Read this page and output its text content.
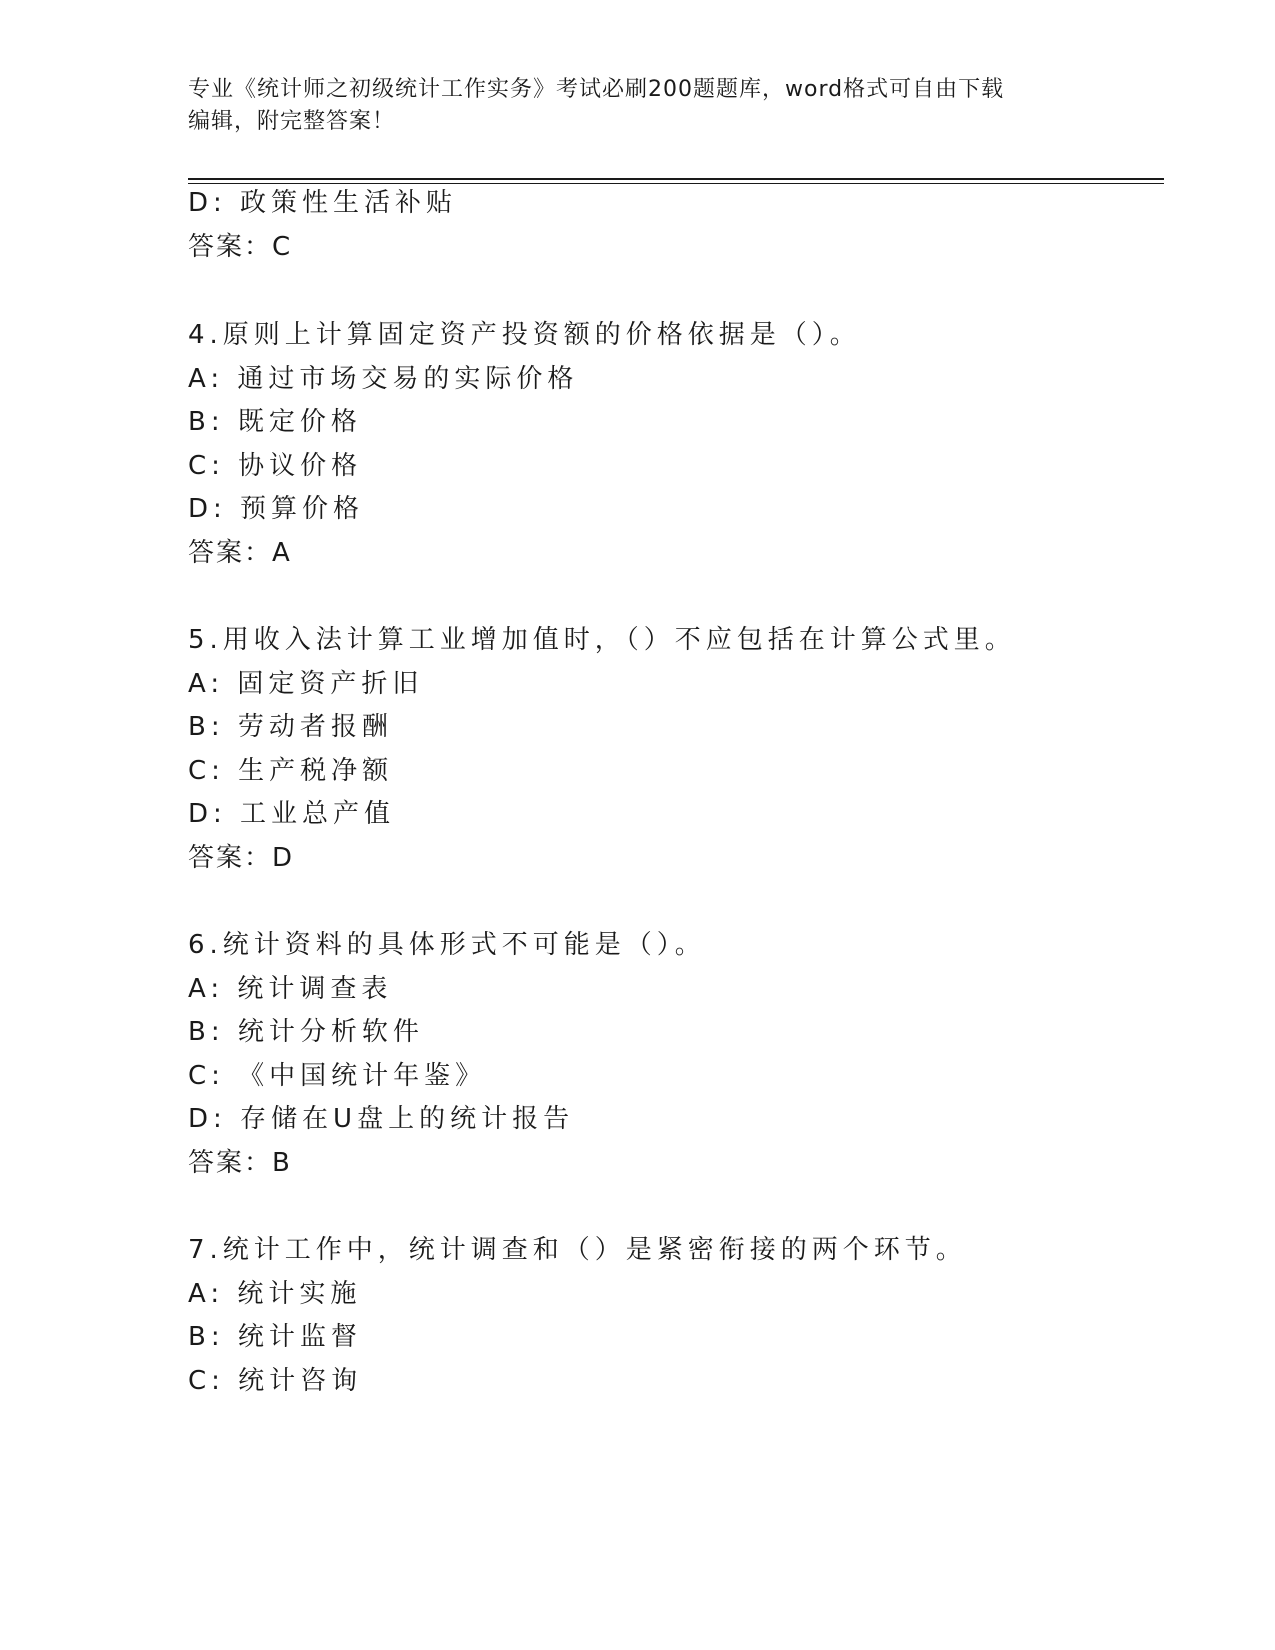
专业《统计师之初级统计工作实务》考试必刷200题题库，word格式可自由下载
编辑，附完整答案！
D: 政策性生活补贴
答案：C
4.原则上计算固定资产投资额的价格依据是（）。
A: 通过市场交易的实际价格
B: 既定价格
C: 协议价格
D: 预算价格
答案：A
5.用收入法计算工业增加值时，（）不应包括在计算公式里。
A: 固定资产折旧
B: 劳动者报酬
C: 生产税净额
D: 工业总产值
答案：D
6.统计资料的具体形式不可能是（）。
A: 统计调查表
B: 统计分析软件
C: 《中国统计年鉴》
D: 存储在U盘上的统计报告
答案：B
7.统计工作中，统计调查和（）是紧密衔接的两个环节。
A: 统计实施
B: 统计监督
C: 统计咨询
